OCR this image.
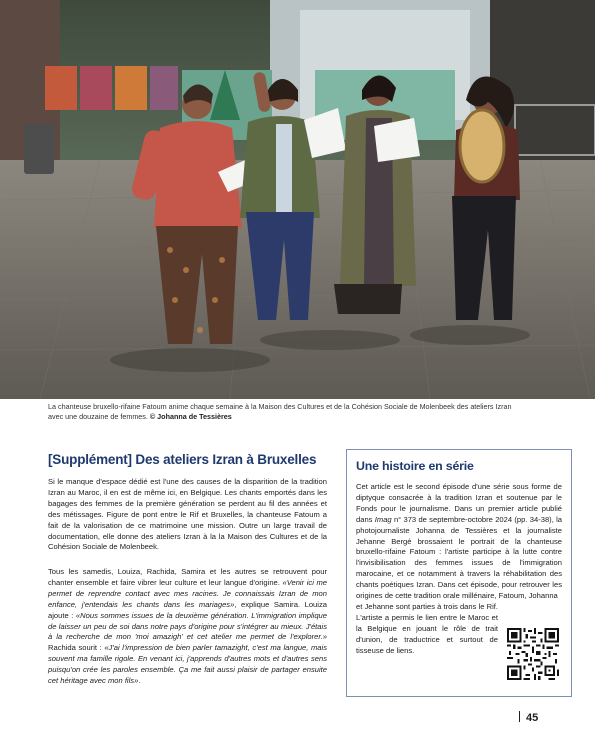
La chanteuse bruxello-rifaine Fatoum anime chaque semaine à la Maison des Cultures et de la Cohésion Sociale de Molenbeek des ateliers Izran avec une douzaine de femmes. © Johanna de Tessières
[Supplément] Des ateliers Izran à Bruxelles

Si le manque d'espace dédié est l'une des causes de la disparition de la tradition Izran au Maroc, il en est de même ici, en Belgique. Les chants emportés dans les bagages des femmes de la première génération se perdent au fil des années et des métissages. Figure de pont entre le Rif et Bruxelles, la chanteuse Fatoum a fait de la valorisation de ce matrimoine une mission. Outre un large travail de documentation, elle donne des ateliers Izran à la la Maison des Cultures et de la Cohésion Sociale de Molenbeek.

Tous les samedis, Louiza, Rachida, Samira et les autres se retrouvent pour chanter ensemble et faire vibrer leur culture et leur langue d'origine. «Venir ici me permet de reprendre contact avec mes racines. Je connaissais Izran de mon enfance, j'entendais les chants dans les mariages», explique Samira. Louiza ajoute : «Nous sommes issues de la deuxième génération. L'immigration implique de laisser un peu de soi dans notre pays d'origine pour s'intégrer au mieux. J'étais à la recherche de mon 'moi amazigh' et cet atelier me permet de l'explorer.» Rachida sourit : «J'ai l'impression de bien parler tamazight, c'est ma langue, mais souvent ma famille rigole. En venant ici, j'apprends d'autres mots et d'autres sens puisqu'on crée les paroles ensemble. Ça me fait aussi plaisir de partager ensuite cet héritage avec mon fils».

Une histoire en série

Cet article est le second épisode d'une série sous forme de diptyque consacrée à la tradition Izran et soutenue par le Fonds pour le journalisme. Dans un premier article publié dans Imag n° 373 de septembre-octobre 2024 (pp. 34-38), la photojournaliste Johanna de Tessières et la journaliste Jehanne Bergé brossaient le portrait de la chanteuse bruxello-rifaine Fatoum : l'artiste participe à la lutte contre l'invisibilisation des femmes issues de l'immigration marocaine, et ce notamment à travers la réhabilitation des chants poétiques Izran. Dans cet épisode, pour retrouver les origines de cette tradition orale millénaire, Fatoum, Johanna

et Jehanne sont parties à trois dans le Rif. L'artiste a permis le lien entre le Maroc et la Belgique en jouant le rôle de trait d'union, de traductrice et surtout de tisseuse de liens.

45
